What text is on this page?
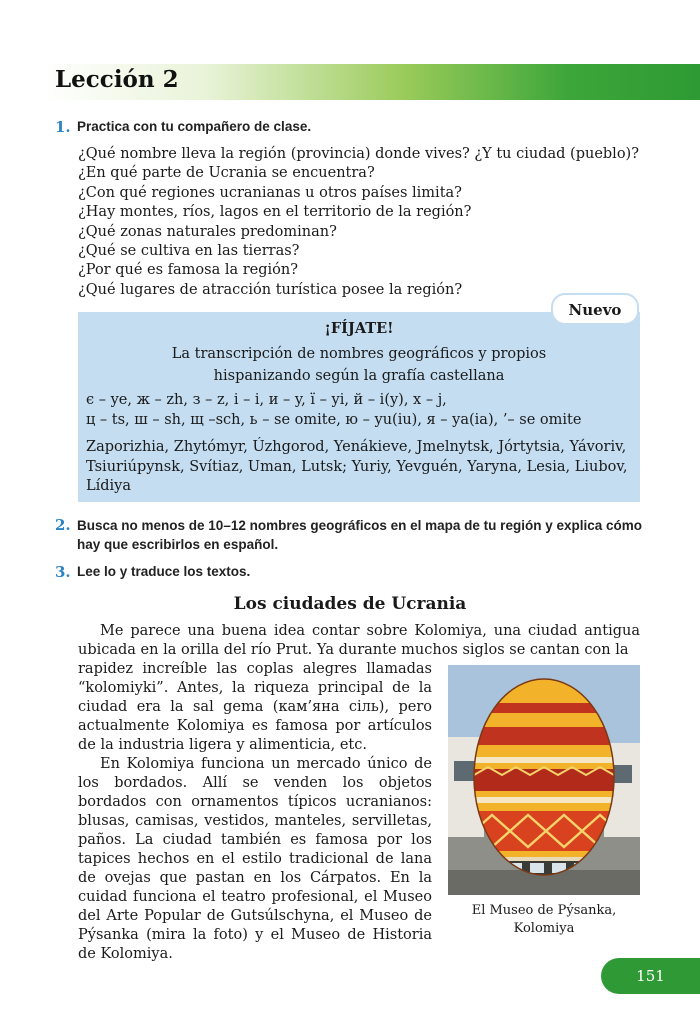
Lección 2
1. Practica con tu compañero de clase.
¿Qué nombre lleva la región (provincia) donde vives? ¿Y tu ciudad (pueblo)?
¿En qué parte de Ucrania se encuentra?
¿Con qué regiones ucranianas u otros países limita?
¿Hay montes, ríos, lagos en el territorio de la región?
¿Qué zonas naturales predominan?
¿Qué se cultiva en las tierras?
¿Por qué es famosa la región?
¿Qué lugares de atracción turística posee la región?
Nuevo
¡FÍJATE!
La transcripción de nombres geográficos y propios
hispanizando según la grafía castellana
є – ye, ж – zh, з – z, і – i, и – y, ї – yi, й – i(y), х – j,
ц – ts, ш – sh, щ –sch, ь – se omite, ю – yu(iu), я – ya(ia), ’– se omite
Zaporizhia, Zhytómyr, Úzhgorod, Yenákieve, Jmelnytsk, Jórtytsia, Yávoriv, Tsiuriúpynsk, Svítiaz, Uman, Lutsk; Yuriy, Yevguén, Yaryna, Lesia, Liubov, Lídiya
2. Busca no menos de 10–12 nombres geográficos en el mapa de tu región y explica cómo hay que escribirlos en español.
3. Lee lo y traduce los textos.
Los ciudades de Ucrania
Me parece una buena idea contar sobre Kolomiya, una ciudad antigua ubicada en la orilla del río Prut. Ya durante muchos siglos se cantan con la
rapidez increíble las coplas alegres llamadas “kolomiyki”. Antes, la riqueza principal de la ciudad era la sal gema (кам’яна сіль), pero actualmente Kolomiya es famosa por artículos de la industria ligera y alimenticia, etc.
En Kolomiya funciona un mercado único de los bordados. Allí se venden los objetos bordados con ornamentos típicos ucranianos: blusas, camisas, vestidos, manteles, servilletas, paños. La ciudad también es famosa por los tapices hechos en el estilo tradicional de lana de ovejas que pastan en los Cárpatos. En la cuidad funciona el teatro profesional, el Museo del Arte Popular de Gutsúlschyna, el Museo de Pýsanka (mira la foto) y el Museo de Historia de Kolomiya.
El Museo de Pýsanka,
Kolomiya
151
